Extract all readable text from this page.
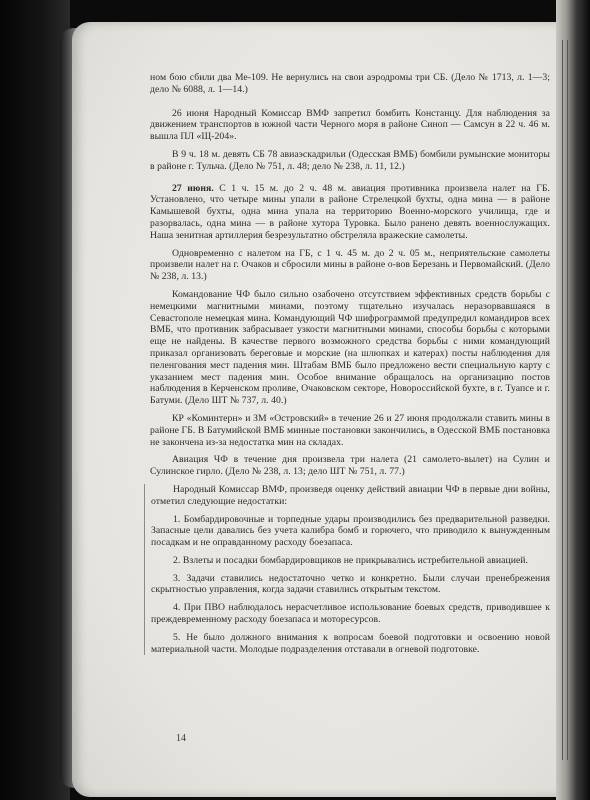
ном бою сбили два Ме-109. Не вернулись на свои аэродромы три СБ. (Дело № 1713, л. 1—3; дело № 6088, л. 1—14.)

26 июня Народный Комиссар ВМФ запретил бомбить Констанцу. Для наблюдения за движением транспортов в южной части Черного моря в районе Синоп — Самсун в 22 ч. 46 м. вышла ПЛ «Щ-204».

В 9 ч. 18 м. девять СБ 78 авиаэскадрильи (Одесская ВМБ) бомбили румынские мониторы в районе г. Тульча. (Дело № 751, л. 48; дело № 238, л. 11, 12.)

27 июня. С 1 ч. 15 м. до 2 ч. 48 м. авиация противника произвела налет на ГБ. Установлено, что четыре мины упали в районе Стрелецкой бухты, одна мина — в районе Камышевой бухты, одна мина упала на территорию Военно-морского училища, где и разорвалась, одна мина — в районе хутора Туровка. Было ранено девять военнослужащих. Наша зенитная артиллерия безрезультатно обстреляла вражеские самолеты.

Одновременно с налетом на ГБ, с 1 ч. 45 м. до 2 ч. 05 м., неприятельские самолеты произвели налет на г. Очаков и сбросили мины в районе о-вов Березань и Первомайский. (Дело № 238, л. 13.)

Командование ЧФ было сильно озабочено отсутствием эффективных средств борьбы с немецкими магнитными минами, поэтому тщательно изучалась неразорвавшаяся в Севастополе немецкая мина. Командующий ЧФ шифрограммой предупредил командиров всех ВМБ, что противник забрасывает узкости магнитными минами, способы борьбы с которыми еще не найдены. В качестве первого возможного средства борьбы с ними командующий приказал организовать береговые и морские (на шлюпках и катерах) посты наблюдения для пеленгования мест падения мин. Штабам ВМБ было предложено вести специальную карту с указанием мест падения мин. Особое внимание обращалось на организацию постов наблюдения в Керченском проливе, Очаковском секторе, Новороссийской бухте, в г. Туапсе и г. Батуми. (Дело ШТ № 737, л. 40.)

КР «Коминтерн» и ЗМ «Островский» в течение 26 и 27 июня продолжали ставить мины в районе ГБ. В Батумийской ВМБ минные постановки закончились, в Одесской ВМБ постановка не закончена из-за недостатка мин на складах.

Авиация ЧФ в течение дня произвела три налета (21 самолето-вылет) на Сулин и Сулинское гирло. (Дело № 238, л. 13; дело ШТ № 751, л. 77.)

Народный Комиссар ВМФ, произведя оценку действий авиации ЧФ в первые дни войны, отметил следующие недостатки:

1. Бомбардировочные и торпедные удары производились без предварительной разведки. Запасные цели давались без учета калибра бомб и горючего, что приводило к вынужденным посадкам и не оправданному расходу боезапаса.

2. Взлеты и посадки бомбардировщиков не прикрывались истребительной авиацией.

3. Задачи ставились недостаточно четко и конкретно. Были случаи пренебрежения скрытностью управления, когда задачи ставились открытым текстом.

4. При ПВО наблюдалось нерасчетливое использование боевых средств, приводившее к преждевременному расходу боезапаса и моторесурсов.

5. Не было должного внимания к вопросам боевой подготовки и освоению новой материальной части. Молодые подразделения отставали в огневой подготовке.

14
